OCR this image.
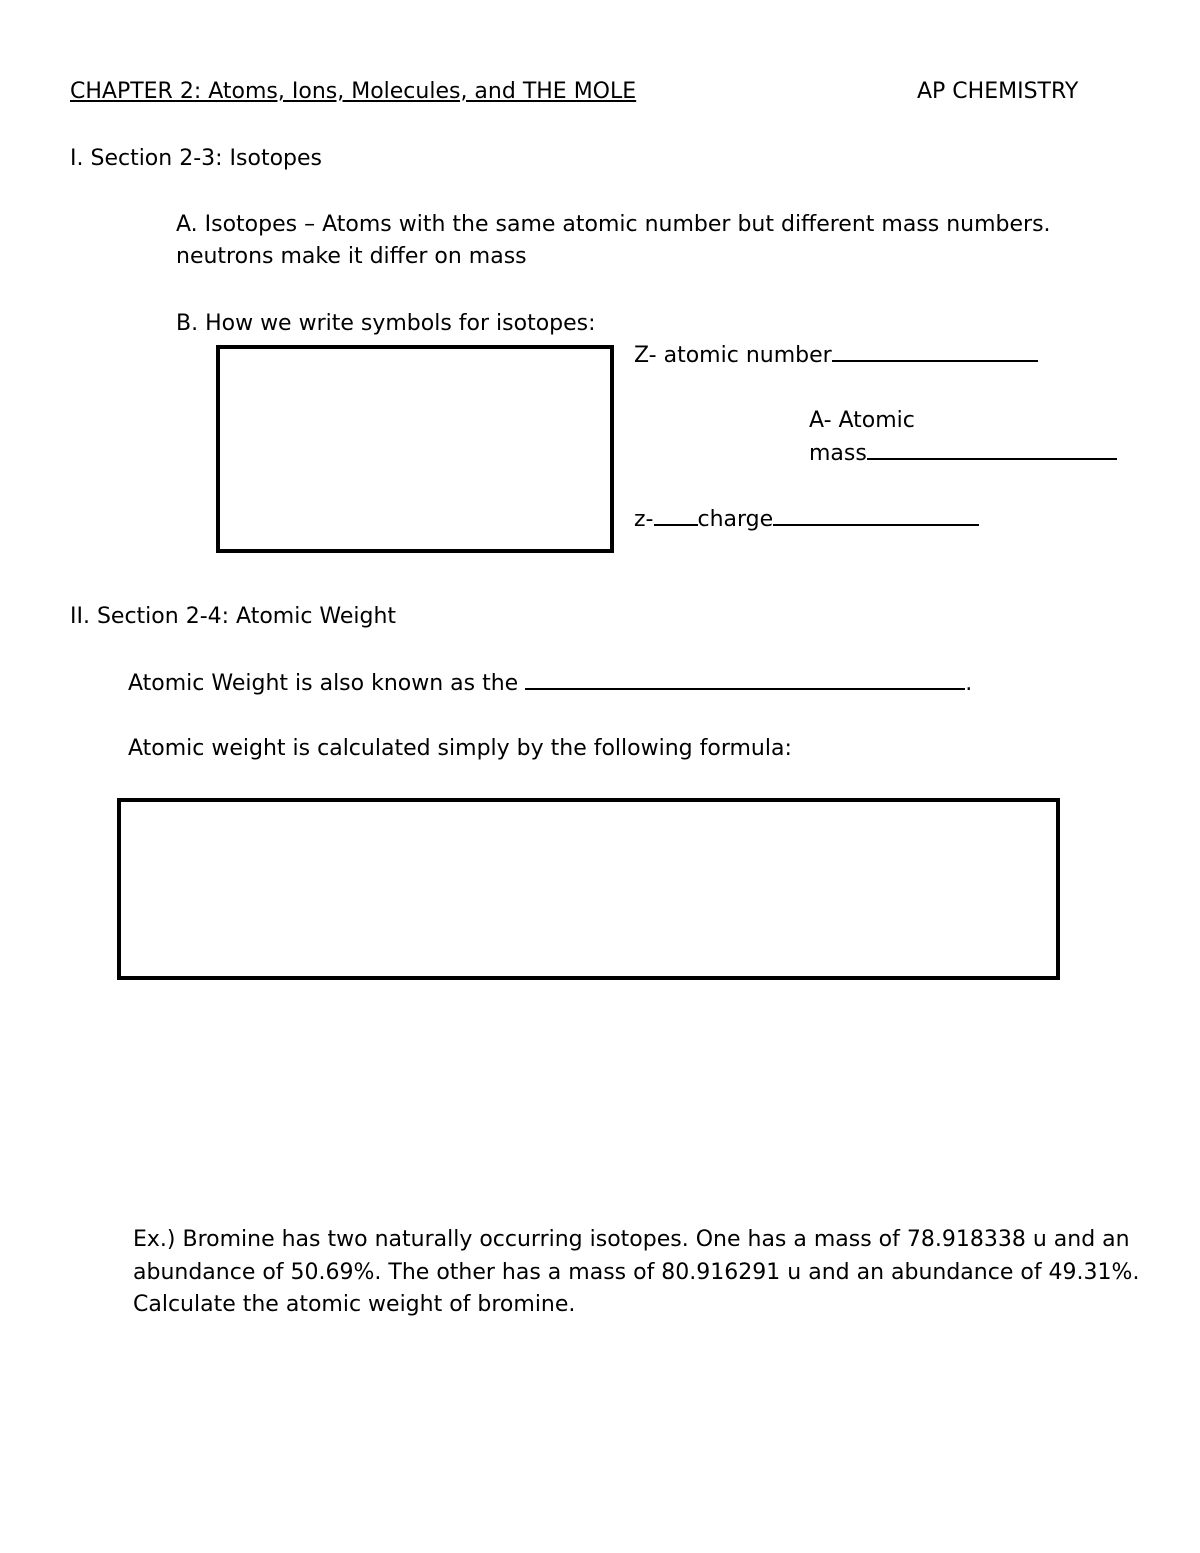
CHAPTER 2: Atoms, Ions, Molecules, and THE MOLE	AP CHEMISTRY
I. Section 2-3: Isotopes
A. Isotopes – Atoms with the same atomic number but different mass numbers.
neutrons make it differ on mass
B. How we write symbols for isotopes:
Z- atomic number
A- Atomic
mass
z- charge
II. Section 2-4: Atomic Weight
Atomic Weight is also known as the	.
Atomic weight is calculated simply by the following formula:
Ex.) Bromine has two naturally occurring isotopes. One has a mass of 78.918338 u and an
abundance of 50.69%. The other has a mass of 80.916291 u and an abundance of 49.31%.
Calculate the atomic weight of bromine.
